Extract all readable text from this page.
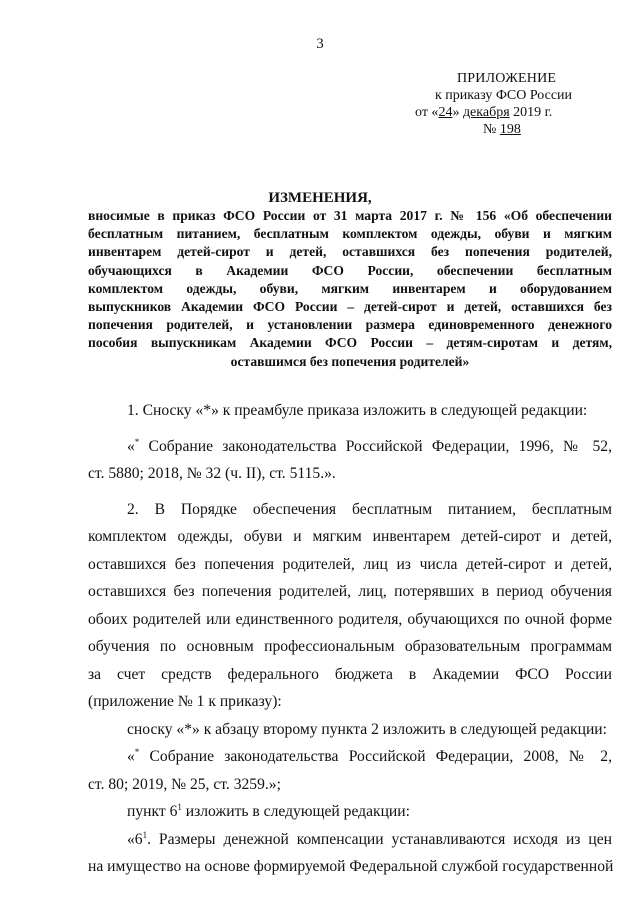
3
ПРИЛОЖЕНИЕ
к приказу ФСО России
от «24» декабря 2019 г.
№ 198
ИЗМЕНЕНИЯ,
вносимые в приказ ФСО России от 31 марта 2017 г. № 156 «Об обеспечении
бесплатным питанием, бесплатным комплектом одежды, обуви и мягким
инвентарем детей-сирот и детей, оставшихся без попечения родителей,
обучающихся в Академии ФСО России, обеспечении бесплатным
комплектом одежды, обуви, мягким инвентарем и оборудованием
выпускников Академии ФСО России – детей-сирот и детей, оставшихся без
попечения родителей, и установлении размера единовременного денежного
пособия выпускникам Академии ФСО России – детям-сиротам и детям,
оставшимся без попечения родителей»
1. Сноску «*» к преамбуле приказа изложить в следующей редакции:
«* Собрание законодательства Российской Федерации, 1996, № 52,
ст. 5880; 2018, № 32 (ч. II), ст. 5115.».
2. В Порядке обеспечения бесплатным питанием, бесплатным
комплектом одежды, обуви и мягким инвентарем детей-сирот и детей,
оставшихся без попечения родителей, лиц из числа детей-сирот и детей,
оставшихся без попечения родителей, лиц, потерявших в период обучения
обоих родителей или единственного родителя, обучающихся по очной форме
обучения по основным профессиональным образовательным программам
за счет средств федерального бюджета в Академии ФСО России
(приложение № 1 к приказу):
сноску «*» к абзацу второму пункта 2 изложить в следующей редакции:
«* Собрание законодательства Российской Федерации, 2008, № 2,
ст. 80; 2019, № 25, ст. 3259.»;
пункт $6^1$ изложить в следующей редакции:
«$6^1$. Размеры денежной компенсации устанавливаются исходя из цен
на имущество на основе формируемой Федеральной службой государственной
